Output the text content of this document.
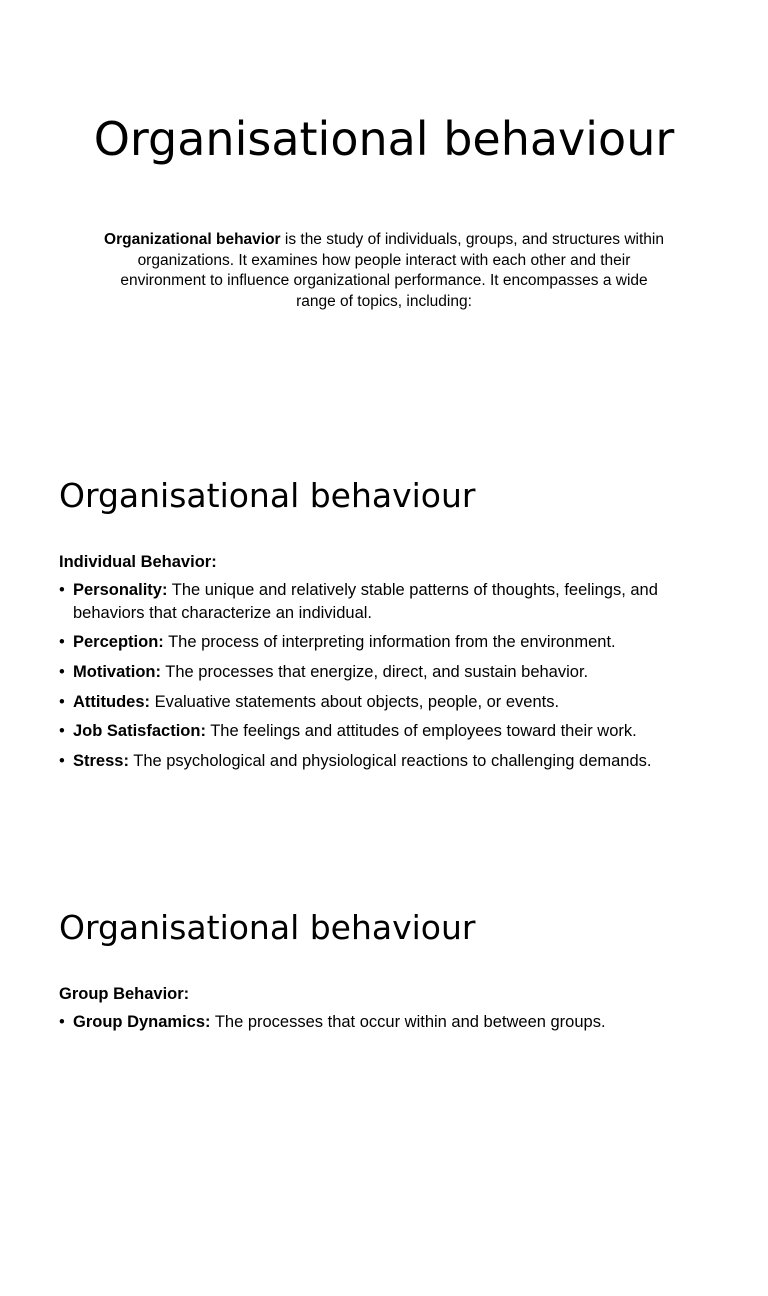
Organisational behaviour

Organizational behavior is the study of individuals, groups, and structures within organizations. It examines how people interact with each other and their environment to influence organizational performance. It encompasses a wide range of topics, including:

Organisational behaviour

Individual Behavior:

• Personality: The unique and relatively stable patterns of thoughts, feelings, and behaviors that characterize an individual.
• Perception: The process of interpreting information from the environment.
• Motivation: The processes that energize, direct, and sustain behavior.
• Attitudes: Evaluative statements about objects, people, or events.
• Job Satisfaction: The feelings and attitudes of employees toward their work.
• Stress: The psychological and physiological reactions to challenging demands.
Organisational behaviour

Group Behavior:

• Group Dynamics: The processes that occur within and between groups.
